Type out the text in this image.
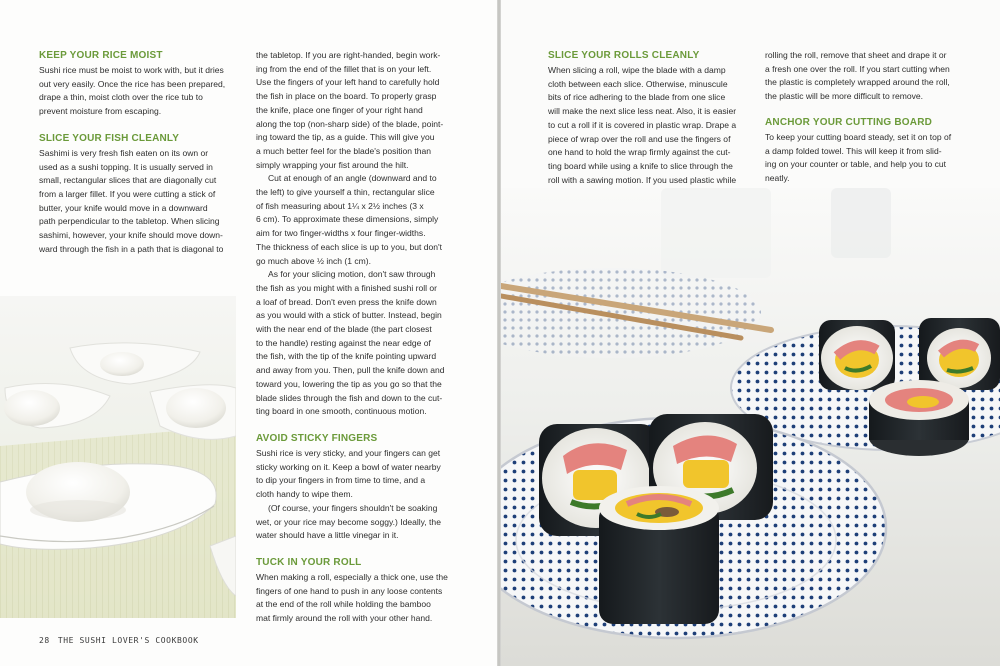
KEEP YOUR RICE MOIST

Sushi rice must be moist to work with, but it dries
out very easily. Once the rice has been prepared,
drape a thin, moist cloth over the rice tub to
prevent moisture from escaping.

SLICE YOUR FISH CLEANLY

Sashimi is very fresh fish eaten on its own or
used as a sushi topping. It is usually served in
small, rectangular slices that are diagonally cut
from a larger fillet. If you were cutting a stick of
butter, your knife would move in a downward
path perpendicular to the tabletop. When slicing
sashimi, however, your knife should move down-
ward through the fish in a path that is diagonal to

the tabletop. If you are right-handed, begin work-
ing from the end of the fillet that is on your left.
Use the fingers of your left hand to carefully hold
the fish in place on the board. To properly grasp
the knife, place one finger of your right hand
along the top (non-sharp side) of the blade, point-
ing toward the tip, as a guide. This will give you
a much better feel for the blade's position than
simply wrapping your fist around the hilt.

Cut at enough of an angle (downward and to
the left) to give yourself a thin, rectangular slice
of fish measuring about 1¼ x 2½ inches (3 x
6 cm). To approximate these dimensions, simply
aim for two finger-widths x four finger-widths.
The thickness of each slice is up to you, but don't
go much above ½ inch (1 cm).

As for your slicing motion, don't saw through
the fish as you might with a finished sushi roll or
a loaf of bread. Don't even press the knife down
as you would with a stick of butter. Instead, begin
with the near end of the blade (the part closest
to the handle) resting against the near edge of
the fish, with the tip of the knife pointing upward
and away from you. Then, pull the knife down and
toward you, lowering the tip as you go so that the
blade slides through the fish and down to the cut-
ting board in one smooth, continuous motion.

AVOID STICKY FINGERS

Sushi rice is very sticky, and your fingers can get
sticky working on it. Keep a bowl of water nearby
to dip your fingers in from time to time, and a
cloth handy to wipe them.

(Of course, your fingers shouldn't be soaking
wet, or your rice may become soggy.) Ideally, the
water should have a little vinegar in it.

TUCK IN YOUR ROLL

When making a roll, especially a thick one, use the
fingers of one hand to push in any loose contents
at the end of the roll while holding the bamboo
mat firmly around the roll with your other hand.

28 THE SUSHI LOVER'S COOKBOOK
SLICE YOUR ROLLS CLEANLY

When slicing a roll, wipe the blade with a damp
cloth between each slice. Otherwise, minuscule
bits of rice adhering to the blade from one slice
will make the next slice less neat. Also, it is easier
to cut a roll if it is covered in plastic wrap. Drape a
piece of wrap over the roll and use the fingers of
one hand to hold the wrap firmly against the cut-
ting board while using a knife to slice through the
roll with a sawing motion. If you used plastic while

rolling the roll, remove that sheet and drape it or
a fresh one over the roll. If you start cutting when
the plastic is completely wrapped around the roll,
the plastic will be more difficult to remove.

ANCHOR YOUR CUTTING BOARD

To keep your cutting board steady, set it on top of
a damp folded towel. This will keep it from slid-
ing on your counter or table, and help you to cut
neatly.
